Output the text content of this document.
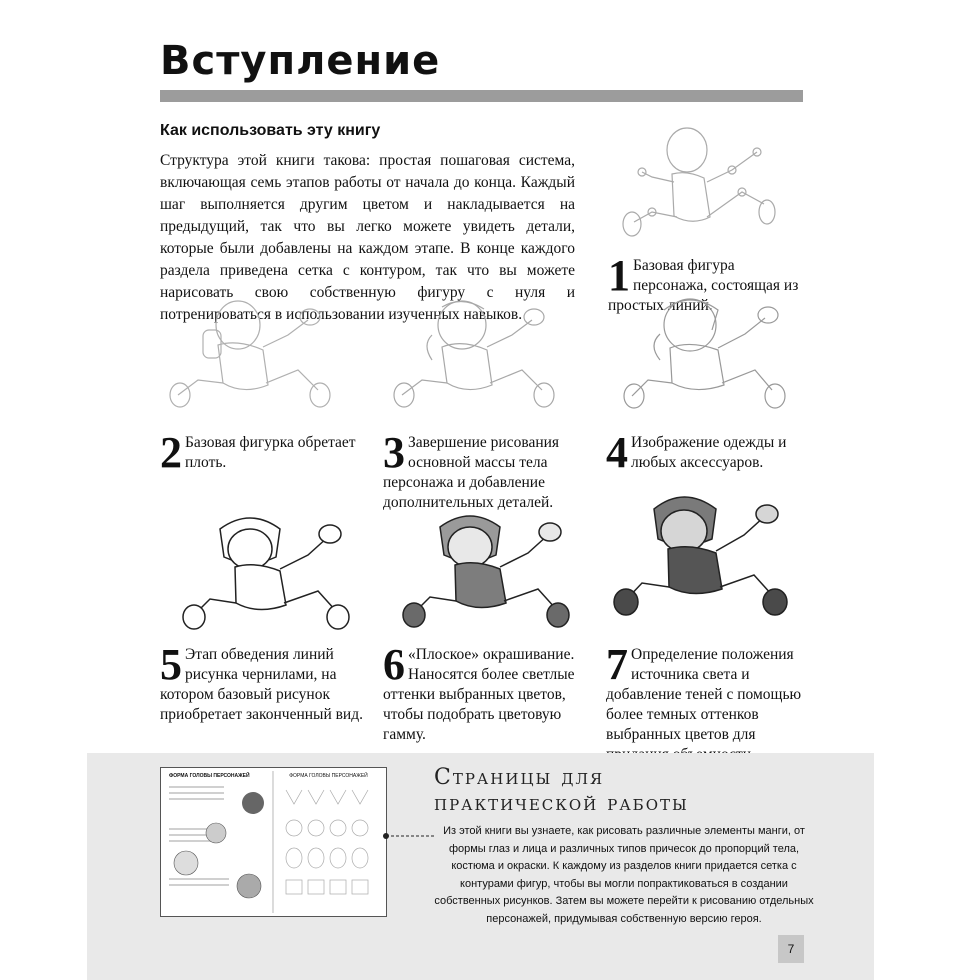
Вступление
Как использовать эту книгу
Структура этой книги такова: простая пошаговая система, включающая семь этапов работы от начала до конца. Каждый шаг выполняется другим цветом и накладывается на предыдущий, так что вы легко можете увидеть детали, которые были добавлены на каждом этапе. В конце каждого раздела приведена сетка с контуром, так что вы можете нарисовать свою собственную фигуру с нуля и потренироваться в использовании изученных навыков.
1 Базовая фигура персонажа, состоящая из простых линий.
2 Базовая фигурка обретает плоть.	3 Завершение рисования основной массы тела персонажа и добавление дополнительных деталей.
4 Изображение одежды и любых аксессуаров.
5 Этап обведения линий рисунка чернилами, на котором базовый рисунок приобретает законченный вид.
6 «Плоское» окрашивание. Наносятся более светлые оттенки выбранных цветов, чтобы подобрать цветовую гамму.
7 Определение положения источника света и добавление теней с помощью более темных оттенков выбранных цветов для
ФОРМА ГОЛОВЫ ПЕРСОНАЖЕЙ	ФОРМА ГОЛОВЫ ПЕРСОНАЖЕЙ	Страницы для
практической работы
Из этой книги вы узнаете, как рисовать различные элементы манги, от формы глаз и лица и различных типов причесок до пропорций тела, костюма и окраски. К каждому из разделов книги придается сетка с контурами фигур, чтобы вы могли попрактиковаться в создании собственных рисунков. Затем вы можете перейти к рисованию отдельных персонажей, придумывая собственную версию героя.
7
